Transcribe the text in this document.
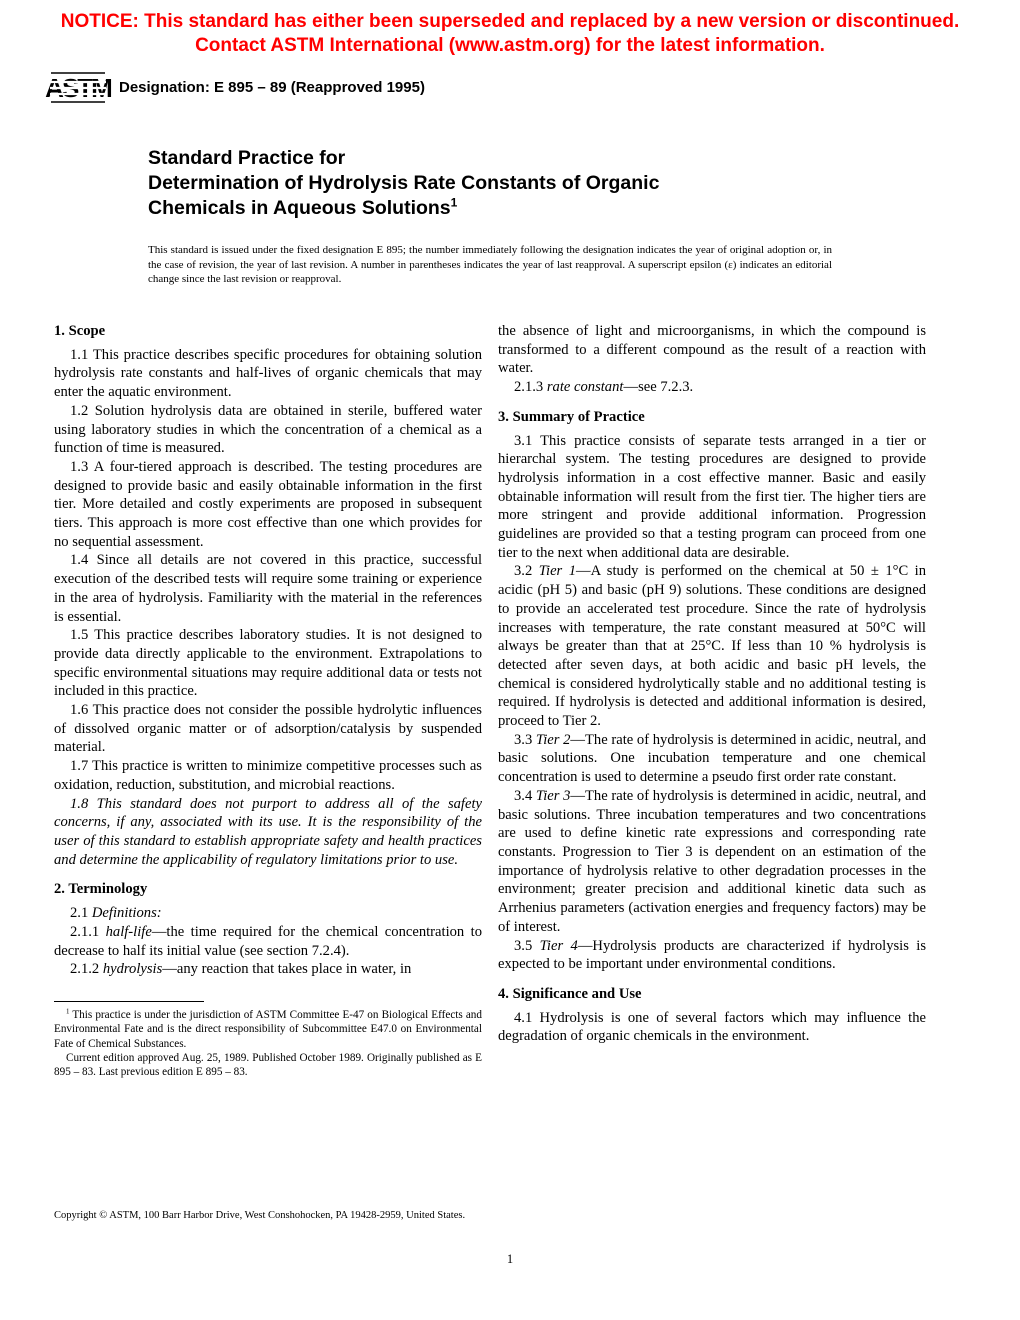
NOTICE: This standard has either been superseded and replaced by a new version or discontinued.
Contact ASTM International (www.astm.org) for the latest information.
ASTM Designation: E 895 – 89 (Reapproved 1995)
Standard Practice for
Determination of Hydrolysis Rate Constants of Organic
Chemicals in Aqueous Solutions$^1$

This standard is issued under the fixed designation E 895; the number immediately following the designation indicates the year of original adoption or, in the case of revision, the year of last revision. A number in parentheses indicates the year of last reapproval. A superscript epsilon (ε) indicates an editorial change since the last revision or reapproval.

1. Scope

1.1 This practice describes specific procedures for obtaining solution hydrolysis rate constants and half-lives of organic chemicals that may enter the aquatic environment.

1.2 Solution hydrolysis data are obtained in sterile, buffered water using laboratory studies in which the concentration of a chemical as a function of time is measured.

1.3 A four-tiered approach is described. The testing procedures are designed to provide basic and easily obtainable information in the first tier. More detailed and costly experiments are proposed in subsequent tiers. This approach is more cost effective than one which provides for no sequential assessment.

1.4 Since all details are not covered in this practice, successful execution of the described tests will require some training or experience in the area of hydrolysis. Familiarity with the material in the references is essential.

1.5 This practice describes laboratory studies. It is not designed to provide data directly applicable to the environment. Extrapolations to specific environmental situations may require additional data or tests not included in this practice.

1.6 This practice does not consider the possible hydrolytic influences of dissolved organic matter or of adsorption/catalysis by suspended material.

1.7 This practice is written to minimize competitive processes such as oxidation, reduction, substitution, and microbial reactions.

1.8 This standard does not purport to address all of the safety concerns, if any, associated with its use. It is the responsibility of the user of this standard to establish appropriate safety and health practices and determine the applicability of regulatory limitations prior to use.

2. Terminology

2.1 Definitions:

2.1.1 half-life—the time required for the chemical concentration to decrease to half its initial value (see section 7.2.4).

2.1.2 hydrolysis—any reaction that takes place in water, in

$^1$ This practice is under the jurisdiction of ASTM Committee E-47 on Biological Effects and Environmental Fate and is the direct responsibility of Subcommittee E47.0 on Environmental Fate of Chemical Substances.

Current edition approved Aug. 25, 1989. Published October 1989. Originally published as E 895 – 83. Last previous edition E 895 – 83.

the absence of light and microorganisms, in which the compound is transformed to a different compound as the result of a reaction with water.

2.1.3 rate constant—see 7.2.3.

3. Summary of Practice

3.1 This practice consists of separate tests arranged in a tier or hierarchal system. The testing procedures are designed to provide hydrolysis information in a cost effective manner. Basic and easily obtainable information will result from the first tier. The higher tiers are more stringent and provide additional information. Progression guidelines are provided so that a testing program can proceed from one tier to the next when additional data are desirable.

3.2 Tier 1—A study is performed on the chemical at 50 ± 1°C in acidic (pH 5) and basic (pH 9) solutions. These conditions are designed to provide an accelerated test procedure. Since the rate of hydrolysis increases with temperature, the rate constant measured at 50°C will always be greater than that at 25°C. If less than 10 % hydrolysis is detected after seven days, at both acidic and basic pH levels, the chemical is considered hydrolytically stable and no additional testing is required. If hydrolysis is detected and additional information is desired, proceed to Tier 2.

3.3 Tier 2—The rate of hydrolysis is determined in acidic, neutral, and basic solutions. One incubation temperature and one chemical concentration is used to determine a pseudo first order rate constant.

3.4 Tier 3—The rate of hydrolysis is determined in acidic, neutral, and basic solutions. Three incubation temperatures and two concentrations are used to define kinetic rate expressions and corresponding rate constants. Progression to Tier 3 is dependent on an estimation of the importance of hydrolysis relative to other degradation processes in the environment; greater precision and additional kinetic data such as Arrhenius parameters (activation energies and frequency factors) may be of interest.

3.5 Tier 4—Hydrolysis products are characterized if hydrolysis is expected to be important under environmental conditions.

4. Significance and Use

4.1 Hydrolysis is one of several factors which may influence the degradation of organic chemicals in the environment.

Copyright © ASTM, 100 Barr Harbor Drive, West Conshohocken, PA 19428-2959, United States.
1
